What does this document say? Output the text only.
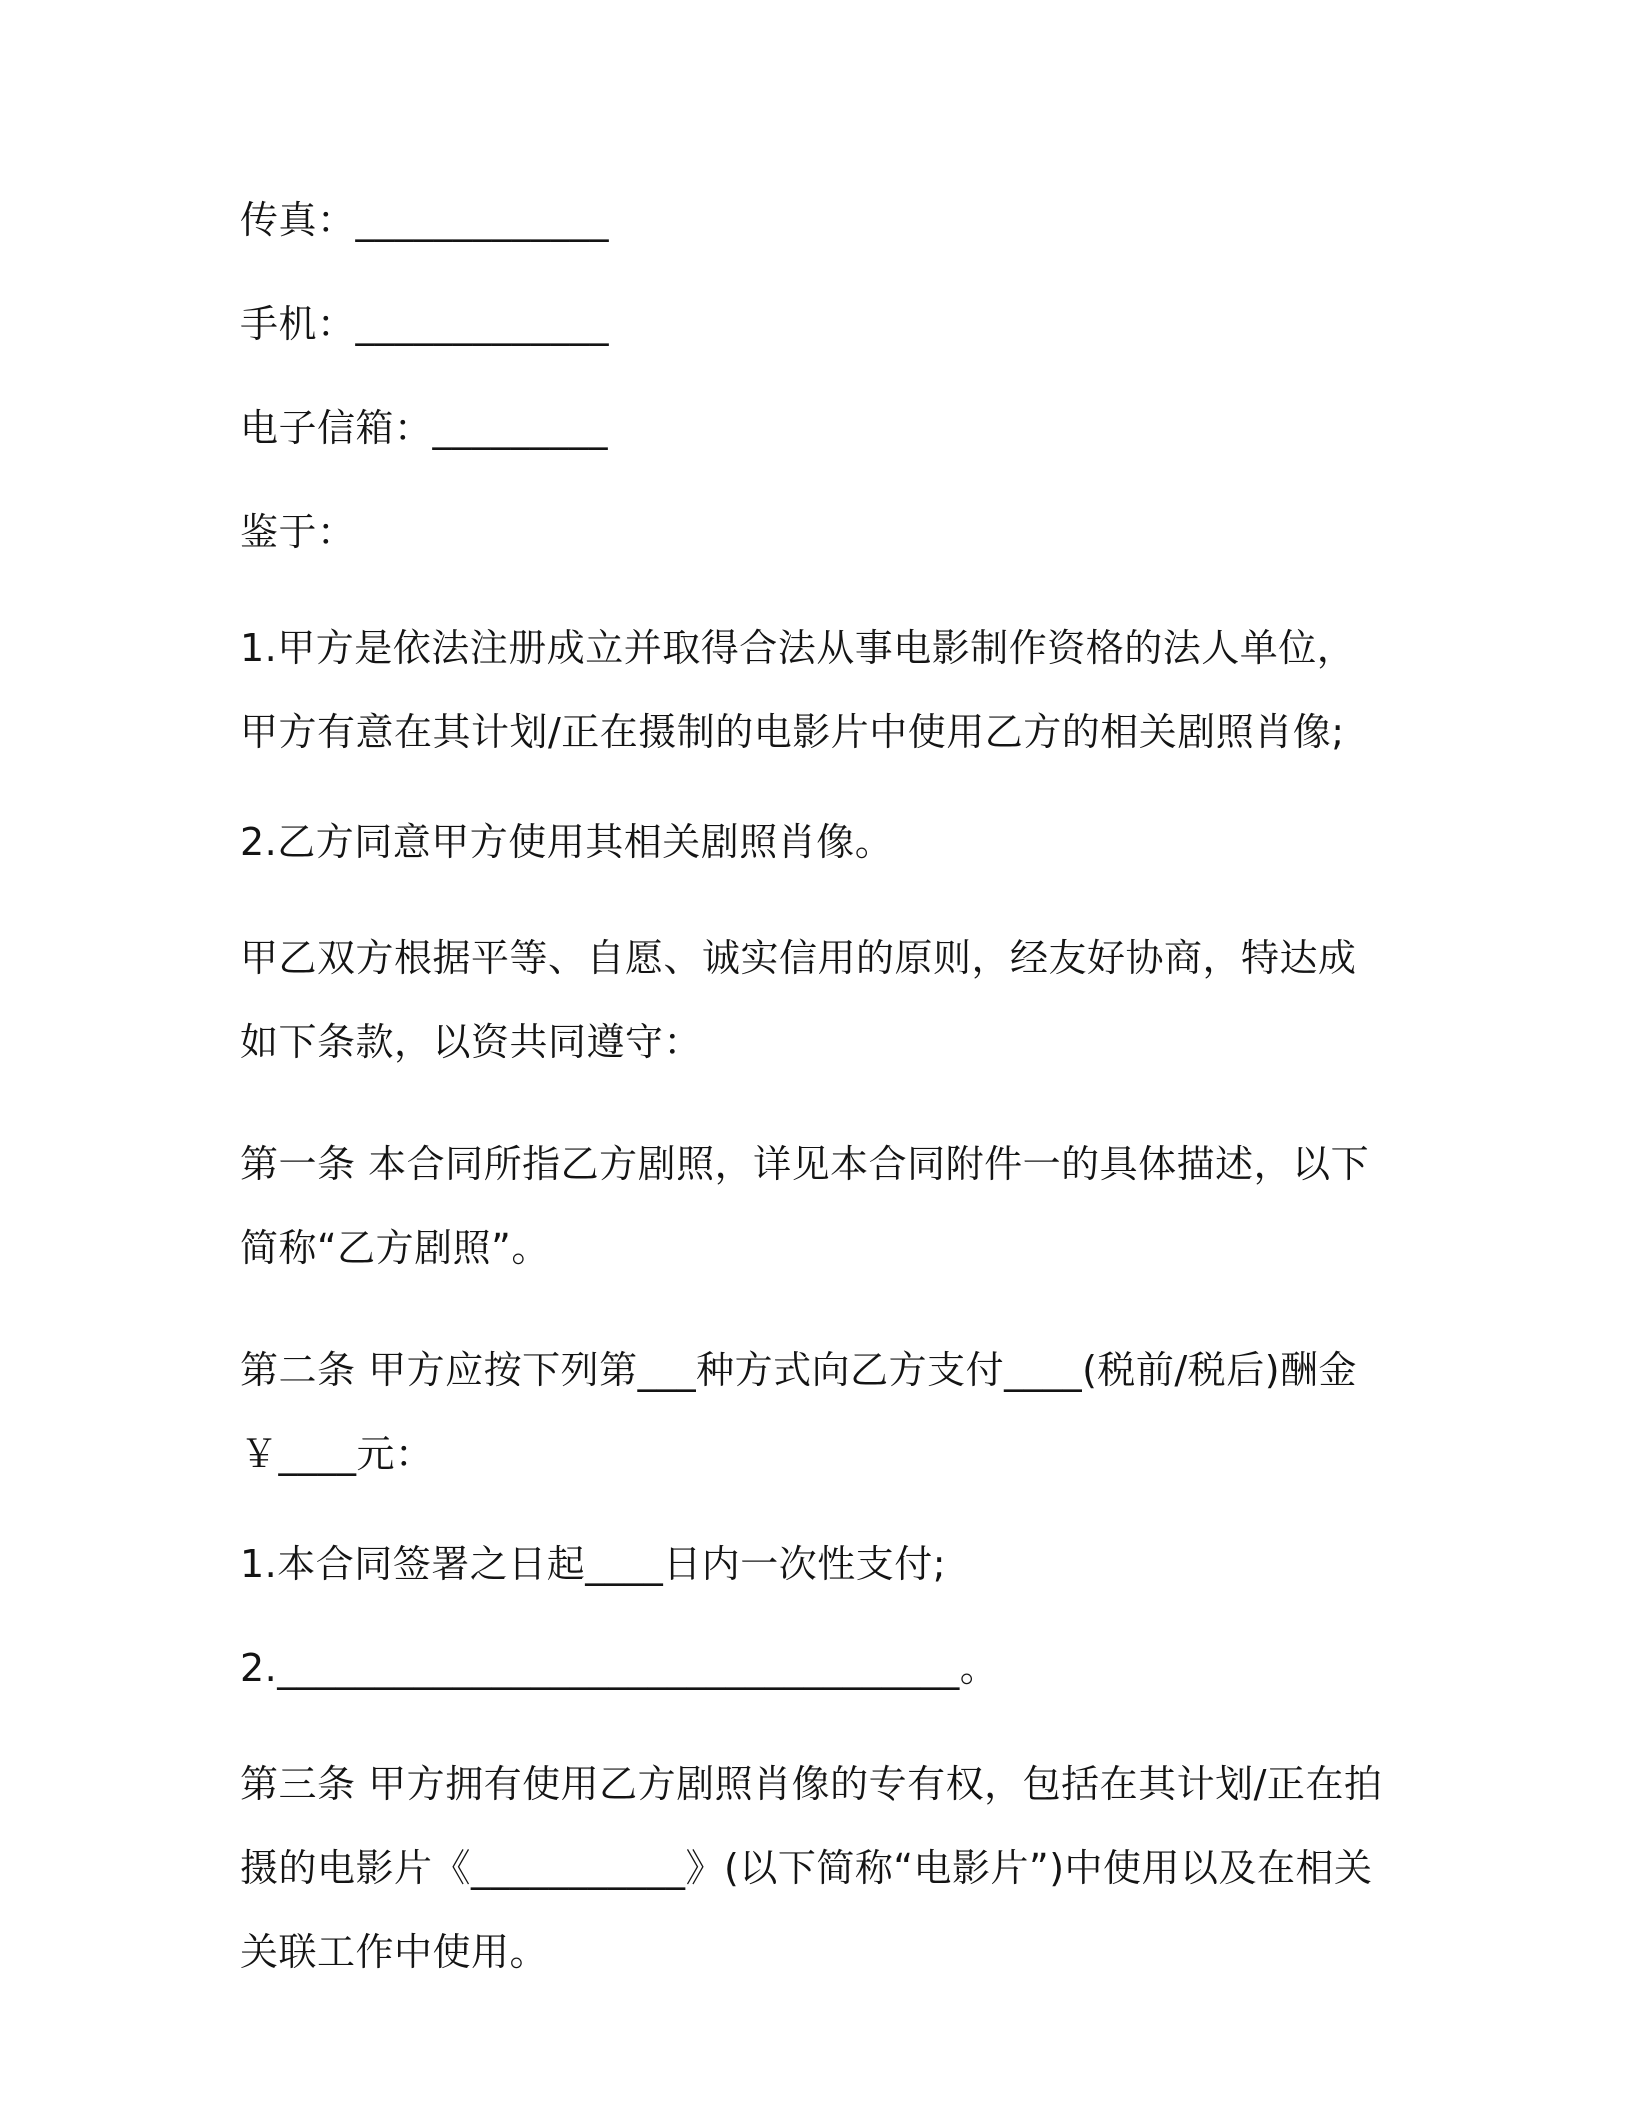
传真：_____________

手机：_____________

电子信箱：_________

鉴于：

1.甲方是依法注册成立并取得合法从事电影制作资格的法人单位，甲方有意在其计划/正在摄制的电影片中使用乙方的相关剧照肖像;

2.乙方同意甲方使用其相关剧照肖像。

甲乙双方根据平等、自愿、诚实信用的原则，经友好协商，特达成如下条款，以资共同遵守：

第一条 本合同所指乙方剧照，详见本合同附件一的具体描述，以下简称“乙方剧照”。

第二条 甲方应按下列第___种方式向乙方支付____(税前/税后)酬金￥____元：

1.本合同签署之日起____日内一次性支付;

2.___________________________________。

第三条 甲方拥有使用乙方剧照肖像的专有权，包括在其计划/正在拍摄的电影片《___________》(以下简称“电影片”)中使用以及在相关关联工作中使用。
